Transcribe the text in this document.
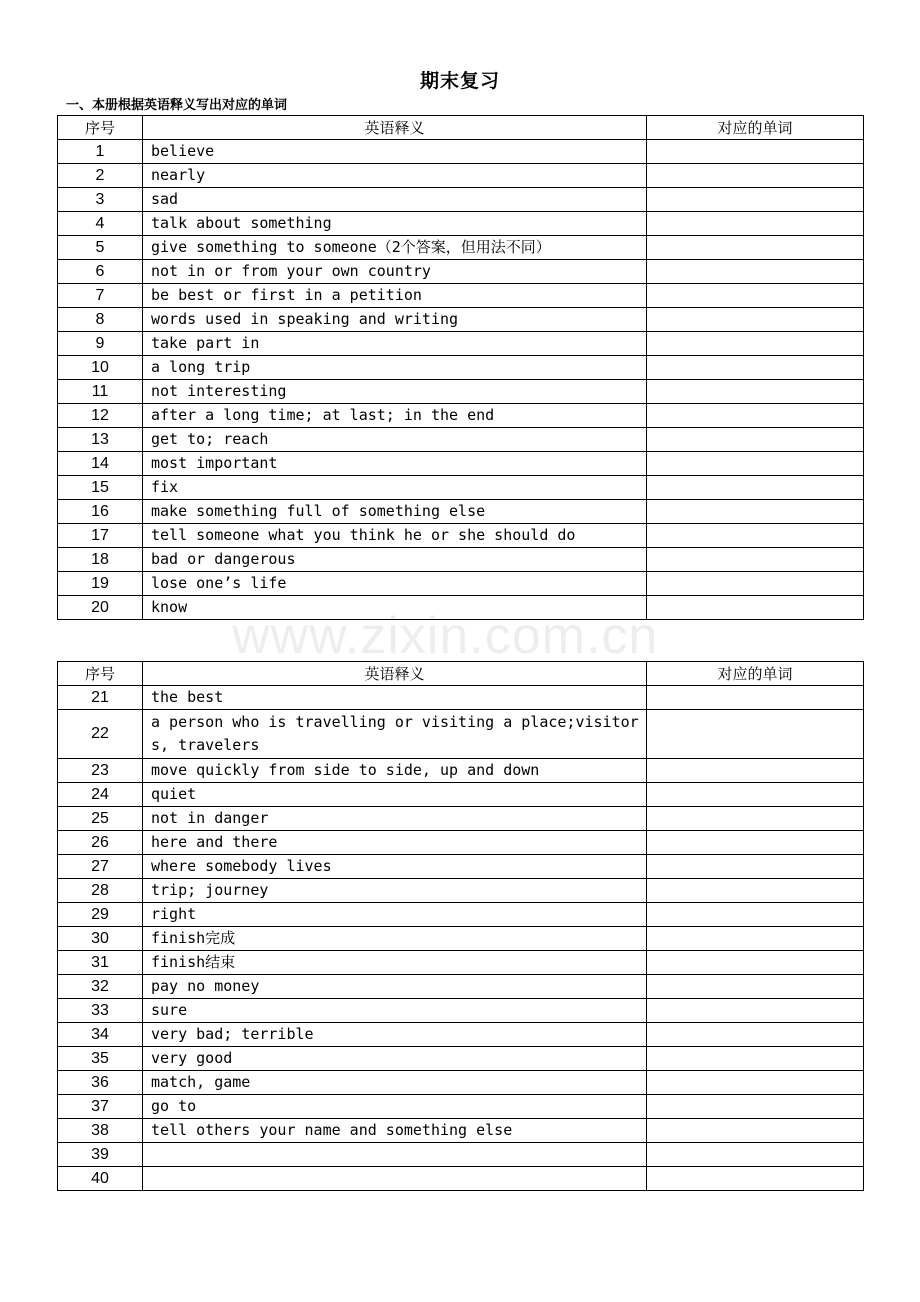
期末复习
一、本册根据英语释义写出对应的单词
序号	英语释义	对应的单词
1	believe	
2	nearly	
3	sad	
4	talk about something	
5	give something to someone（2个答案，但用法不同）	
6	not in or from your own country	
7	be best or first in a petition	
8	words used in speaking and writing	
9	take part in	
10	a long trip	
11	not interesting	
12	after a long time; at last; in the end	
13	get to; reach	
14	most important	
15	fix	
16	make something full of something else	
17	tell someone what you think he or she should do	
18	bad or dangerous	
19	lose one’s life	
20	know	www.zixin.com.cn
序号	英语释义	对应的单词
21	the best	
22	a person who is travelling or visiting a place;visitors, travelers	
23	move quickly from side to side, up and down	
24	quiet	
25	not in danger	
26	here and there	
27	where somebody lives	
28	trip; journey	
29	right	
30	finish完成	
31	finish结束	
32	pay no money	
33	sure	
34	very bad; terrible	
35	very good	
36	match, game	
37	go to	
38	tell others your name and something else	
39		
40		
